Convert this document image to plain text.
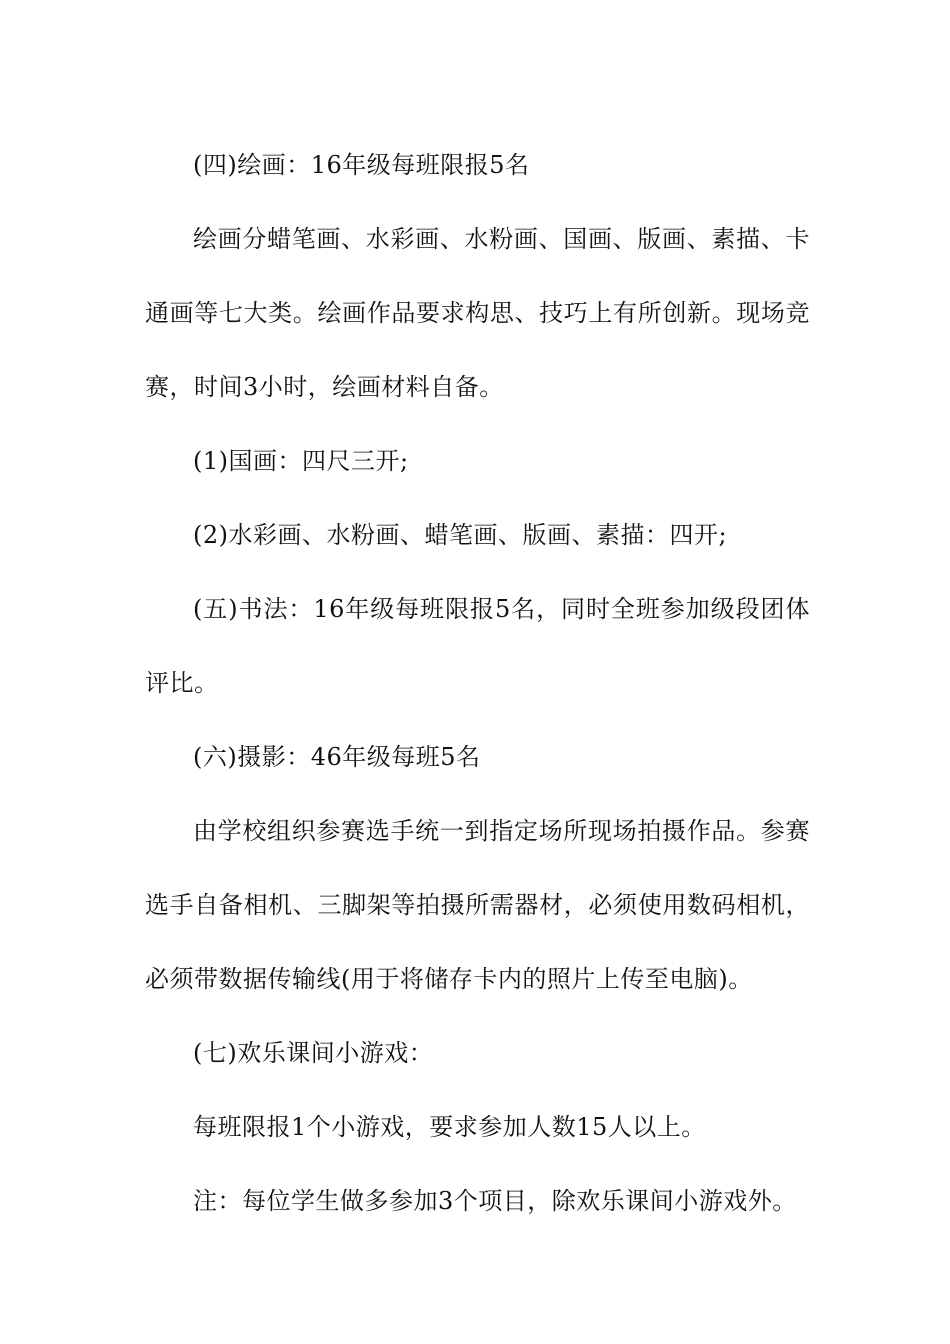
(四)绘画：16年级每班限报5名

绘画分蜡笔画、水彩画、水粉画、国画、版画、素描、卡通画等七大类。绘画作品要求构思、技巧上有所创新。现场竞赛，时间3小时，绘画材料自备。

(1)国画：四尺三开;

(2)水彩画、水粉画、蜡笔画、版画、素描：四开;

(五)书法：16年级每班限报5名，同时全班参加级段团体评比。

(六)摄影：46年级每班5名

由学校组织参赛选手统一到指定场所现场拍摄作品。参赛选手自备相机、三脚架等拍摄所需器材，必须使用数码相机，必须带数据传输线(用于将储存卡内的照片上传至电脑)。

(七)欢乐课间小游戏：

每班限报1个小游戏，要求参加人数15人以上。

注：每位学生做多参加3个项目，除欢乐课间小游戏外。
